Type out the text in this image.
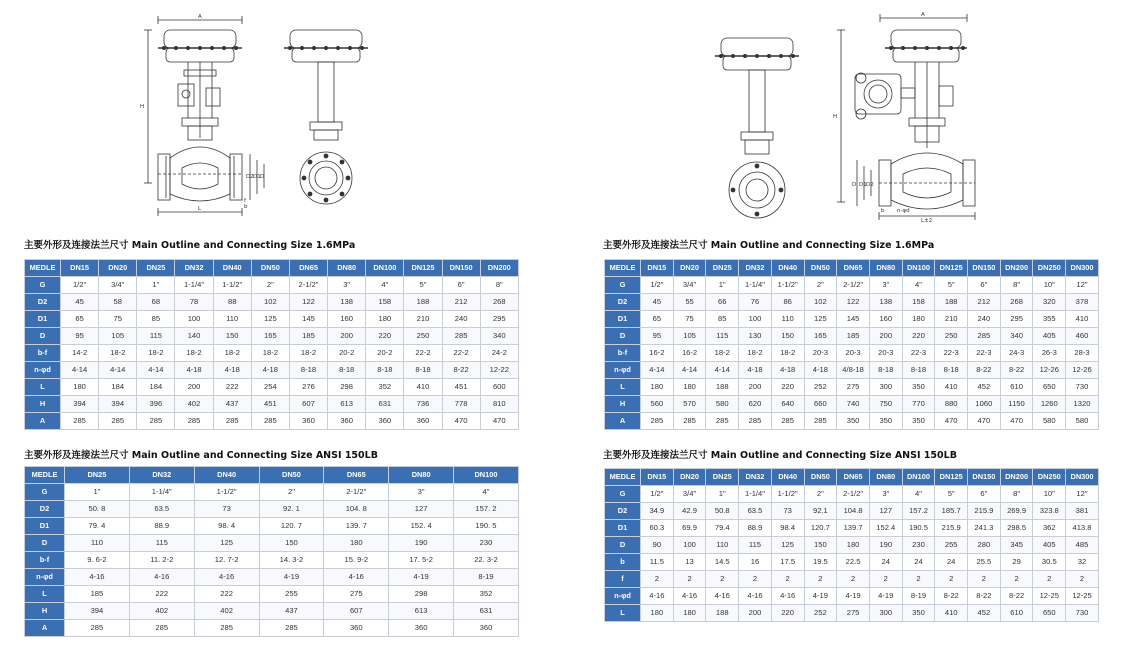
A
H
D2 D1 D
L	b
f
A
H
D D1 D2
b n-φd
L±2
主要外形及连接法兰尺寸 Main Outline and Connecting Size 1.6MPa
主要外形及连接法兰尺寸 Main Outline and Connecting Size ANSI 150LB
主要外形及连接法兰尺寸 Main Outline and Connecting Size 1.6MPa
主要外形及连接法兰尺寸 Main Outline and Connecting Size ANSI 150LB
MEDLE	DN15	DN20	DN25	DN32	DN40	DN50	DN65	DN80	DN100	DN125	DN150	DN200
G	1/2"	3/4"	1"	1-1/4"	1-1/2"	2"	2-1/2"	3"	4"	5"	6"	8"
D2	45	58	68	78	88	102	122	138	158	188	212	268
D1	65	75	85	100	110	125	145	160	180	210	240	295
D	95	105	115	140	150	165	185	200	220	250	285	340
b-f	14-2	18-2	18-2	18-2	18-2	18-2	18-2	20-2	20-2	22-2	22-2	24-2
n-φd	4-14	4-14	4-14	4-18	4-18	4-18	8-18	8-18	8-18	8-18	8-22	12-22
L	180	184	184	200	222	254	276	298	352	410	451	600
H	394	394	396	402	437	451	607	613	631	736	778	810
A	285	285	285	285	285	285	360	360	360	360	470	470
MEDLE	DN25	DN32	DN40	DN50	DN65	DN80	DN100
G	1"	1-1/4"	1-1/2"	2"	2-1/2"	3"	4"
D2	50. 8	63.5	73	92. 1	104. 8	127	157. 2
D1	79. 4	88.9	98. 4	120. 7	139. 7	152. 4	190. 5
D	110	115	125	150	180	190	230
b-f	9. 6-2	11. 2-2	12. 7-2	14. 3-2	15. 9-2	17. 5-2	22. 3-2
n-φd	4-16	4-16	4-16	4-19	4-16	4-19	8-19
L	185	222	222	255	275	298	352
H	394	402	402	437	607	613	631
A	285	285	285	285	360	360	360
MEDLE	DN15	DN20	DN25	DN32	DN40	DN50	DN65	DN80	DN100	DN125	DN150	DN200	DN250	DN300
G	1/2"	3/4"	1"	1-1/4"	1-1/2"	2"	2-1/2"	3"	4"	5"	6"	8"	10"	12"
D2	45	55	66	76	86	102	122	138	158	188	212	268	320	378
D1	65	75	85	100	110	125	145	160	180	210	240	295	355	410
D	95	105	115	130	150	165	185	200	220	250	285	340	405	460
b-f	16-2	16-2	18-2	18-2	18-2	20-3	20-3	20-3	22-3	22-3	22-3	24-3	26-3	28-3
n-φd	4-14	4-14	4-14	4-18	4-18	4-18	4/8-18	8-18	8-18	8-18	8-22	8-22	12-26	12-26
L	180	180	188	200	220	252	275	300	350	410	452	610	650	730
H	560	570	580	620	640	660	740	750	770	880	1060	1150	1260	1320
A	285	285	285	285	285	285	350	350	350	470	470	470	580	580
MEDLE	DN15	DN20	DN25	DN32	DN40	DN50	DN65	DN80	DN100	DN125	DN150	DN200	DN250	DN300
G	1/2"	3/4"	1"	1-1/4"	1-1/2"	2"	2-1/2"	3"	4"	5"	6"	8"	10"	12"
D2	34.9	42.9	50.8	63.5	73	92.1	104.8	127	157.2	185.7	215.9	269.9	323.8	381
D1	60.3	69.9	79.4	88.9	98.4	120.7	139.7	152.4	190.5	215.9	241.3	298.5	362	413.8
D	90	100	110	115	125	150	180	190	230	255	280	345	405	485
b	11.5	13	14.5	16	17.5	19.5	22.5	24	24	24	25.5	29	30.5	32
f	2	2	2	2	2	2	2	2	2	2	2	2	2	2
n-φd	4-16	4-16	4-16	4-16	4-16	4-19	4-19	4-19	8-19	8-22	8-22	8-22	12-25	12-25
L	180	180	188	200	220	252	275	300	350	410	452	610	650	730
